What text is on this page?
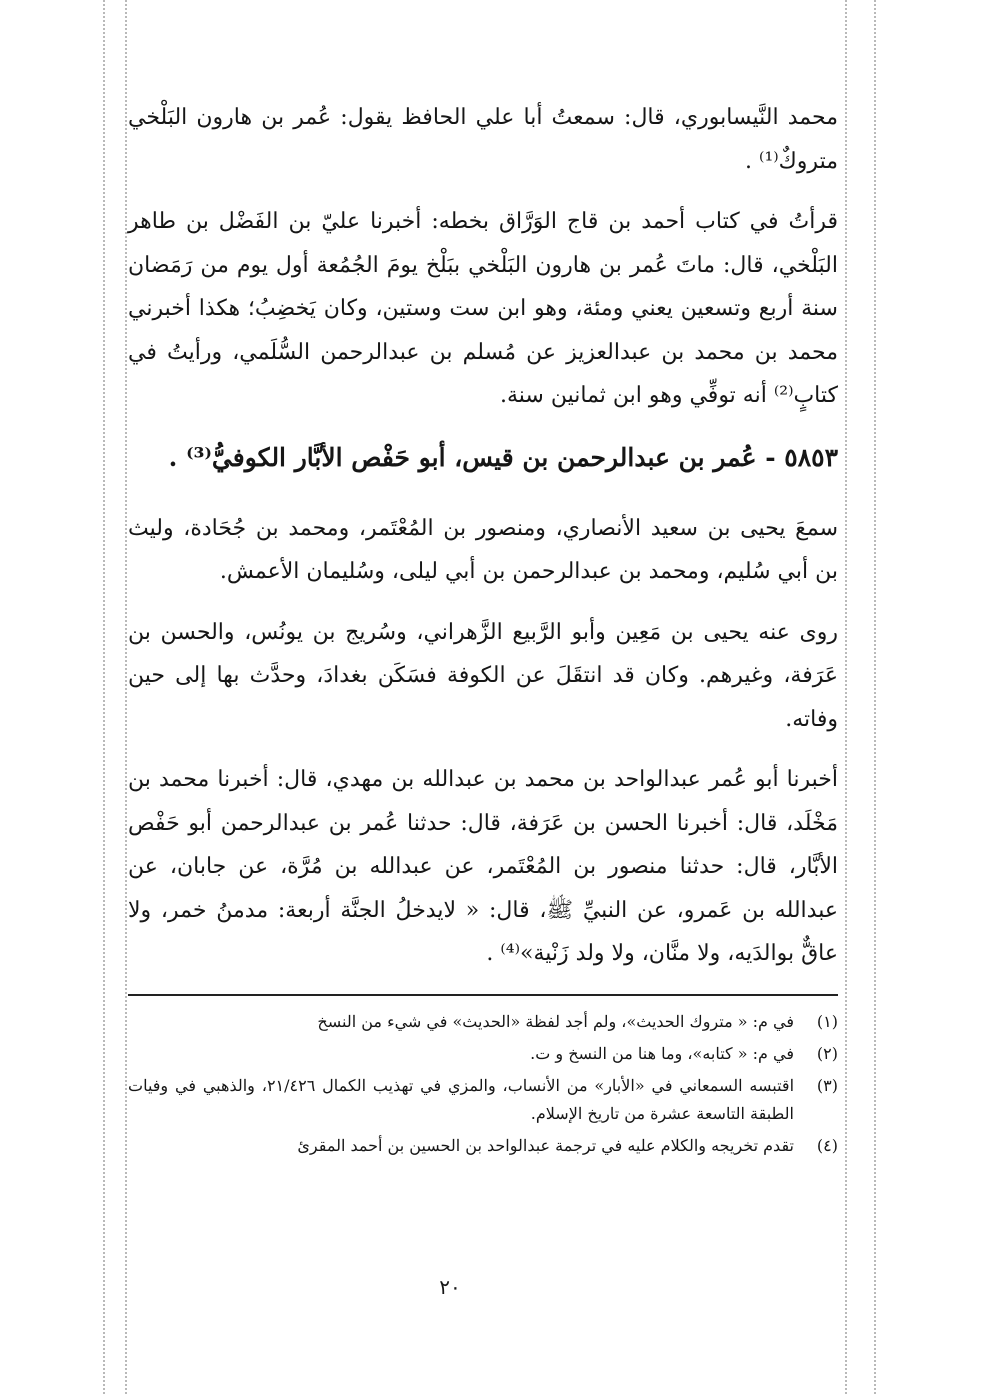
محمد النَّيسابوري، قال: سمعتُ أبا علي الحافظ يقول: عُمر بن هارون البَلْخي متروكٌ⁽¹⁾ .

قرأتُ في كتاب أحمد بن قاج الوَرَّاق بخطه: أخبرنا عليّ بن الفَضْل بن طاهر البَلْخي، قال: ماتَ عُمر بن هارون البَلْخي ببَلْخ يومَ الجُمُعة أول يوم من رَمَضان سنة أربع وتسعين يعني ومئة، وهو ابن ست وستين، وكان يَخضِبُ؛ هكذا أخبرني محمد بن محمد بن عبدالعزيز عن مُسلم بن عبدالرحمن السُّلَمي، ورأيتُ في كتابٍ⁽²⁾ أنه توفِّي وهو ابن ثمانين سنة.

٥٨٥٣ - عُمر بن عبدالرحمن بن قيس، أبو حَفْص الأبَّار الكوفيُّ⁽³⁾ .

سمعَ يحيى بن سعيد الأنصاري، ومنصور بن المُعْتَمر، ومحمد بن جُحَادة، وليث بن أبي سُليم، ومحمد بن عبدالرحمن بن أبي ليلى، وسُليمان الأعمش.

روى عنه يحيى بن مَعِين وأبو الرَّبيع الزَّهراني، وسُريج بن يونُس، والحسن بن عَرَفة، وغيرهم. وكان قد انتقَلَ عن الكوفة فسَكَن بغدادَ، وحدَّث بها إلى حين وفاته.

أخبرنا أبو عُمر عبدالواحد بن محمد بن عبدالله بن مهدي، قال: أخبرنا محمد بن مَخْلَد، قال: أخبرنا الحسن بن عَرَفة، قال: حدثنا عُمر بن عبدالرحمن أبو حَفْص الأبَّار، قال: حدثنا منصور بن المُعْتَمر، عن عبدالله بن مُرَّة، عن جابان، عن عبدالله بن عَمرو، عن النبيِّ ﷺ، قال: « لايدخلُ الجنَّة أربعة: مدمنُ خمر، ولا عاقٌّ بوالدَيه، ولا منَّان، ولا ولد زَنْية»⁽⁴⁾ .

(١)
في م: « متروك الحديث»، ولم أجد لفظة «الحديث» في شيء من النسخ
(٢)
في م: « كتابه»، وما هنا من النسخ و ت.
(٣)
اقتبسه السمعاني في «الأبار» من الأنساب، والمزي في تهذيب الكمال ٢١/٤٢٦، والذهبي في وفيات الطبقة التاسعة عشرة من تاريخ الإسلام.
(٤)
تقدم تخريجه والكلام عليه في ترجمة عبدالواحد بن الحسين بن أحمد المقرئ
٢٠
